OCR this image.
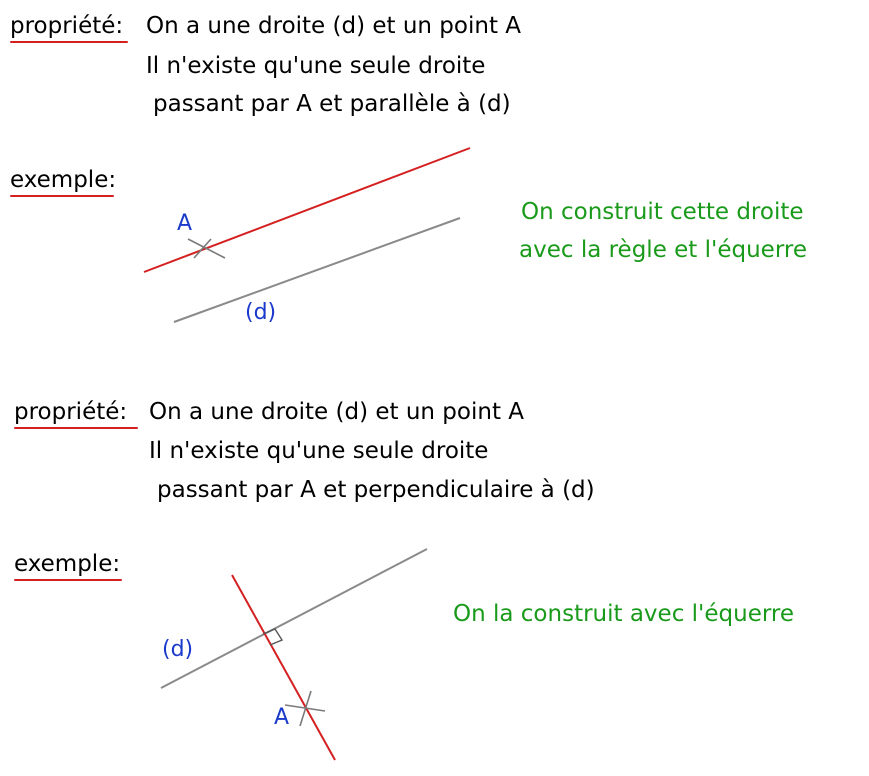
propriété: On a une droite (d) et un point A
Il n'existe qu'une seule droite
passant par A et parallèle à (d)
exemple:
A
(d)
On construit cette droite
avec la règle et l'équerre
propriété: On a une droite (d) et un point A
Il n'existe qu'une seule droite
passant par A et perpendiculaire à (d)
exemple:
(d)
A
On la construit avec l'équerre
